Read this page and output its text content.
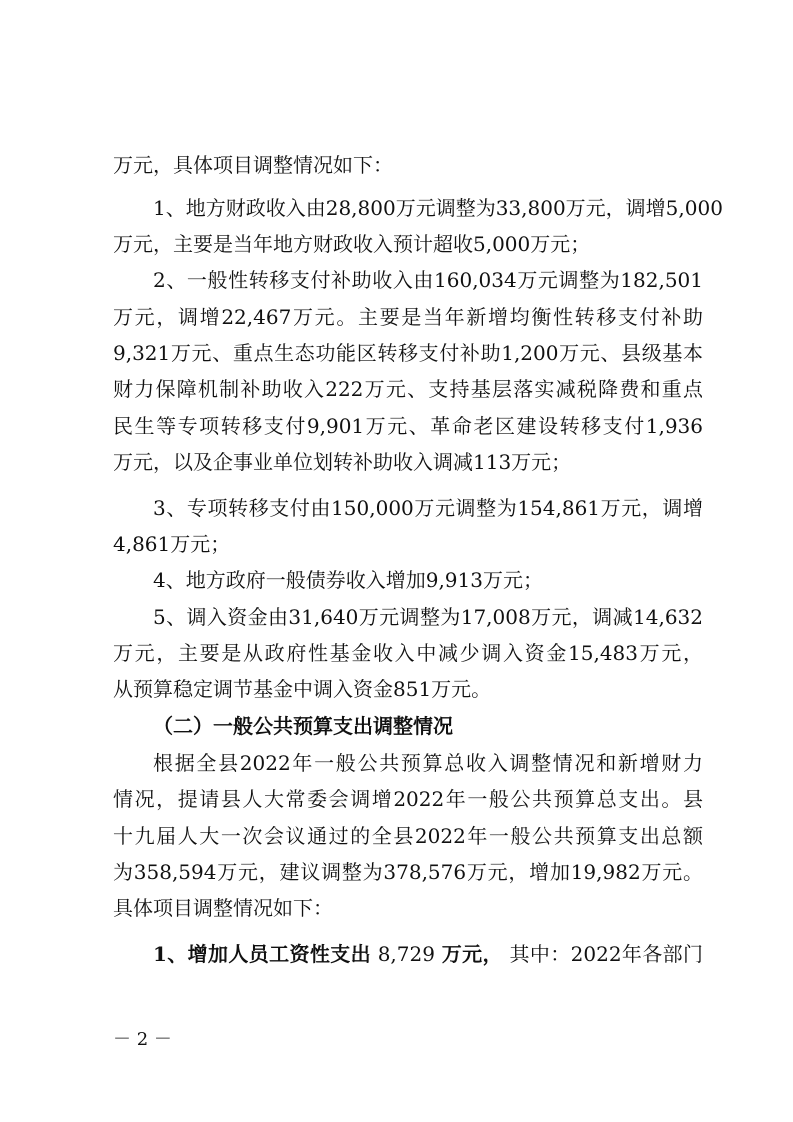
万元，具体项目调整情况如下：
1、地方财政收入由28,800万元调整为33,800万元，调增5,000
万元，主要是当年地方财政收入预计超收5,000万元；
2、一般性转移支付补助收入由160,034万元调整为182,501
万元，调增22,467万元。主要是当年新增均衡性转移支付补助
9,321万元、重点生态功能区转移支付补助1,200万元、县级基本
财力保障机制补助收入222万元、支持基层落实减税降费和重点
民生等专项转移支付9,901万元、革命老区建设转移支付1,936
万元，以及企事业单位划转补助收入调减113万元；
3、专项转移支付由150,000万元调整为154,861万元，调增
4,861万元；
4、地方政府一般债券收入增加9,913万元；
5、调入资金由31,640万元调整为17,008万元，调减14,632
万元，主要是从政府性基金收入中减少调入资金15,483万元，
从预算稳定调节基金中调入资金851万元。
（二）一般公共预算支出调整情况
根据全县2022年一般公共预算总收入调整情况和新增财力
情况，提请县人大常委会调增2022年一般公共预算总支出。县
十九届人大一次会议通过的全县2022年一般公共预算支出总额
为358,594万元，建议调整为378,576万元，增加19,982万元。
具体项目调整情况如下：
1、增加人员工资性支出 8,729 万元， 其中：2022年各部门
－ 2 －
